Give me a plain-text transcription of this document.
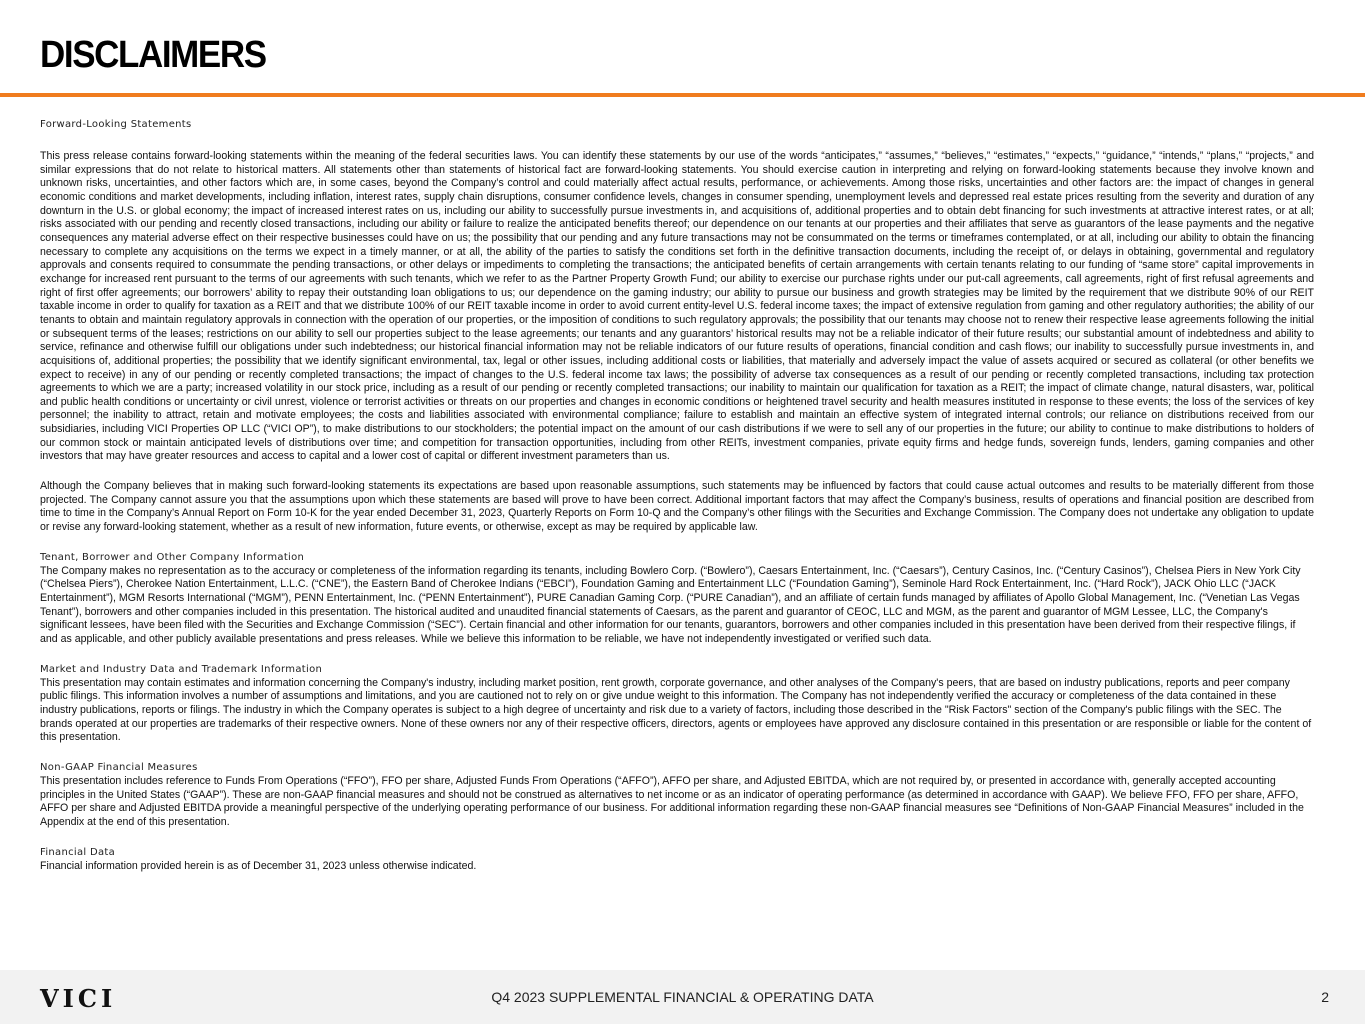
DISCLAIMERS

Forward-Looking Statements

This press release contains forward-looking statements within the meaning of the federal securities laws. You can identify these statements by our use of the words “anticipates,” “assumes,” “believes,” “estimates,” “expects,” “guidance,” “intends,” “plans,” “projects,” and similar expressions that do not relate to historical matters. All statements other than statements of historical fact are forward-looking statements. You should exercise caution in interpreting and relying on forward-looking statements because they involve known and unknown risks, uncertainties, and other factors which are, in some cases, beyond the Company’s control and could materially affect actual results, performance, or achievements. Among those risks, uncertainties and other factors are: the impact of changes in general economic conditions and market developments, including inflation, interest rates, supply chain disruptions, consumer confidence levels, changes in consumer spending, unemployment levels and depressed real estate prices resulting from the severity and duration of any downturn in the U.S. or global economy; the impact of increased interest rates on us, including our ability to successfully pursue investments in, and acquisitions of, additional properties and to obtain debt financing for such investments at attractive interest rates, or at all; risks associated with our pending and recently closed transactions, including our ability or failure to realize the anticipated benefits thereof; our dependence on our tenants at our properties and their affiliates that serve as guarantors of the lease payments and the negative consequences any material adverse effect on their respective businesses could have on us; the possibility that our pending and any future transactions may not be consummated on the terms or timeframes contemplated, or at all, including our ability to obtain the financing necessary to complete any acquisitions on the terms we expect in a timely manner, or at all, the ability of the parties to satisfy the conditions set forth in the definitive transaction documents, including the receipt of, or delays in obtaining, governmental and regulatory approvals and consents required to consummate the pending transactions, or other delays or impediments to completing the transactions; the anticipated benefits of certain arrangements with certain tenants relating to our funding of “same store” capital improvements in exchange for increased rent pursuant to the terms of our agreements with such tenants, which we refer to as the Partner Property Growth Fund; our ability to exercise our purchase rights under our put-call agreements, call agreements, right of first refusal agreements and right of first offer agreements; our borrowers’ ability to repay their outstanding loan obligations to us; our dependence on the gaming industry; our ability to pursue our business and growth strategies may be limited by the requirement that we distribute 90% of our REIT taxable income in order to qualify for taxation as a REIT and that we distribute 100% of our REIT taxable income in order to avoid current entity-level U.S. federal income taxes; the impact of extensive regulation from gaming and other regulatory authorities; the ability of our tenants to obtain and maintain regulatory approvals in connection with the operation of our properties, or the imposition of conditions to such regulatory approvals; the possibility that our tenants may choose not to renew their respective lease agreements following the initial or subsequent terms of the leases; restrictions on our ability to sell our properties subject to the lease agreements; our tenants and any guarantors’ historical results may not be a reliable indicator of their future results; our substantial amount of indebtedness and ability to service, refinance and otherwise fulfill our obligations under such indebtedness; our historical financial information may not be reliable indicators of our future results of operations, financial condition and cash flows; our inability to successfully pursue investments in, and acquisitions of, additional properties; the possibility that we identify significant environmental, tax, legal or other issues, including additional costs or liabilities, that materially and adversely impact the value of assets acquired or secured as collateral (or other benefits we expect to receive) in any of our pending or recently completed transactions; the impact of changes to the U.S. federal income tax laws; the possibility of adverse tax consequences as a result of our pending or recently completed transactions, including tax protection agreements to which we are a party; increased volatility in our stock price, including as a result of our pending or recently completed transactions; our inability to maintain our qualification for taxation as a REIT; the impact of climate change, natural disasters, war, political and public health conditions or uncertainty or civil unrest, violence or terrorist activities or threats on our properties and changes in economic conditions or heightened travel security and health measures instituted in response to these events; the loss of the services of key personnel; the inability to attract, retain and motivate employees; the costs and liabilities associated with environmental compliance; failure to establish and maintain an effective system of integrated internal controls; our reliance on distributions received from our subsidiaries, including VICI Properties OP LLC (“VICI OP”), to make distributions to our stockholders; the potential impact on the amount of our cash distributions if we were to sell any of our properties in the future; our ability to continue to make distributions to holders of our common stock or maintain anticipated levels of distributions over time; and competition for transaction opportunities, including from other REITs, investment companies, private equity firms and hedge funds, sovereign funds, lenders, gaming companies and other investors that may have greater resources and access to capital and a lower cost of capital or different investment parameters than us.

Although the Company believes that in making such forward-looking statements its expectations are based upon reasonable assumptions, such statements may be influenced by factors that could cause actual outcomes and results to be materially different from those projected. The Company cannot assure you that the assumptions upon which these statements are based will prove to have been correct. Additional important factors that may affect the Company’s business, results of operations and financial position are described from time to time in the Company’s Annual Report on Form 10-K for the year ended December 31, 2023, Quarterly Reports on Form 10-Q and the Company’s other filings with the Securities and Exchange Commission. The Company does not undertake any obligation to update or revise any forward-looking statement, whether as a result of new information, future events, or otherwise, except as may be required by applicable law.

Tenant, Borrower and Other Company Information

The Company makes no representation as to the accuracy or completeness of the information regarding its tenants, including Bowlero Corp. (“Bowlero”), Caesars Entertainment, Inc. (“Caesars”), Century Casinos, Inc. (“Century Casinos”), Chelsea Piers in New York City (“Chelsea Piers”), Cherokee Nation Entertainment, L.L.C. (“CNE”), the Eastern Band of Cherokee Indians (“EBCI”), Foundation Gaming and Entertainment LLC (“Foundation Gaming”), Seminole Hard Rock Entertainment, Inc. (“Hard Rock”), JACK Ohio LLC (“JACK Entertainment”), MGM Resorts International (“MGM”), PENN Entertainment, Inc. (“PENN Entertainment”), PURE Canadian Gaming Corp. (“PURE Canadian”), and an affiliate of certain funds managed by affiliates of Apollo Global Management, Inc. (“Venetian Las Vegas Tenant”), borrowers and other companies included in this presentation. The historical audited and unaudited financial statements of Caesars, as the parent and guarantor of CEOC, LLC and MGM, as the parent and guarantor of MGM Lessee, LLC, the Company's significant lessees, have been filed with the Securities and Exchange Commission (“SEC”). Certain financial and other information for our tenants, guarantors, borrowers and other companies included in this presentation have been derived from their respective filings, if and as applicable, and other publicly available presentations and press releases. While we believe this information to be reliable, we have not independently investigated or verified such data.

Market and Industry Data and Trademark Information

This presentation may contain estimates and information concerning the Company's industry, including market position, rent growth, corporate governance, and other analyses of the Company's peers, that are based on industry publications, reports and peer company public filings. This information involves a number of assumptions and limitations, and you are cautioned not to rely on or give undue weight to this information. The Company has not independently verified the accuracy or completeness of the data contained in these industry publications, reports or filings. The industry in which the Company operates is subject to a high degree of uncertainty and risk due to a variety of factors, including those described in the "Risk Factors" section of the Company's public filings with the SEC. The brands operated at our properties are trademarks of their respective owners. None of these owners nor any of their respective officers, directors, agents or employees have approved any disclosure contained in this presentation or are responsible or liable for the content of this presentation.

Non-GAAP Financial Measures

This presentation includes reference to Funds From Operations (“FFO”), FFO per share, Adjusted Funds From Operations (“AFFO”), AFFO per share, and Adjusted EBITDA, which are not required by, or presented in accordance with, generally accepted accounting principles in the United States (“GAAP”). These are non-GAAP financial measures and should not be construed as alternatives to net income or as an indicator of operating performance (as determined in accordance with GAAP). We believe FFO, FFO per share, AFFO, AFFO per share and Adjusted EBITDA provide a meaningful perspective of the underlying operating performance of our business. For additional information regarding these non-GAAP financial measures see “Definitions of Non-GAAP Financial Measures” included in the Appendix at the end of this presentation.

Financial Data

Financial information provided herein is as of December 31, 2023 unless otherwise indicated.

VICI	Q4 2023 SUPPLEMENTAL FINANCIAL & OPERATING DATA	2
